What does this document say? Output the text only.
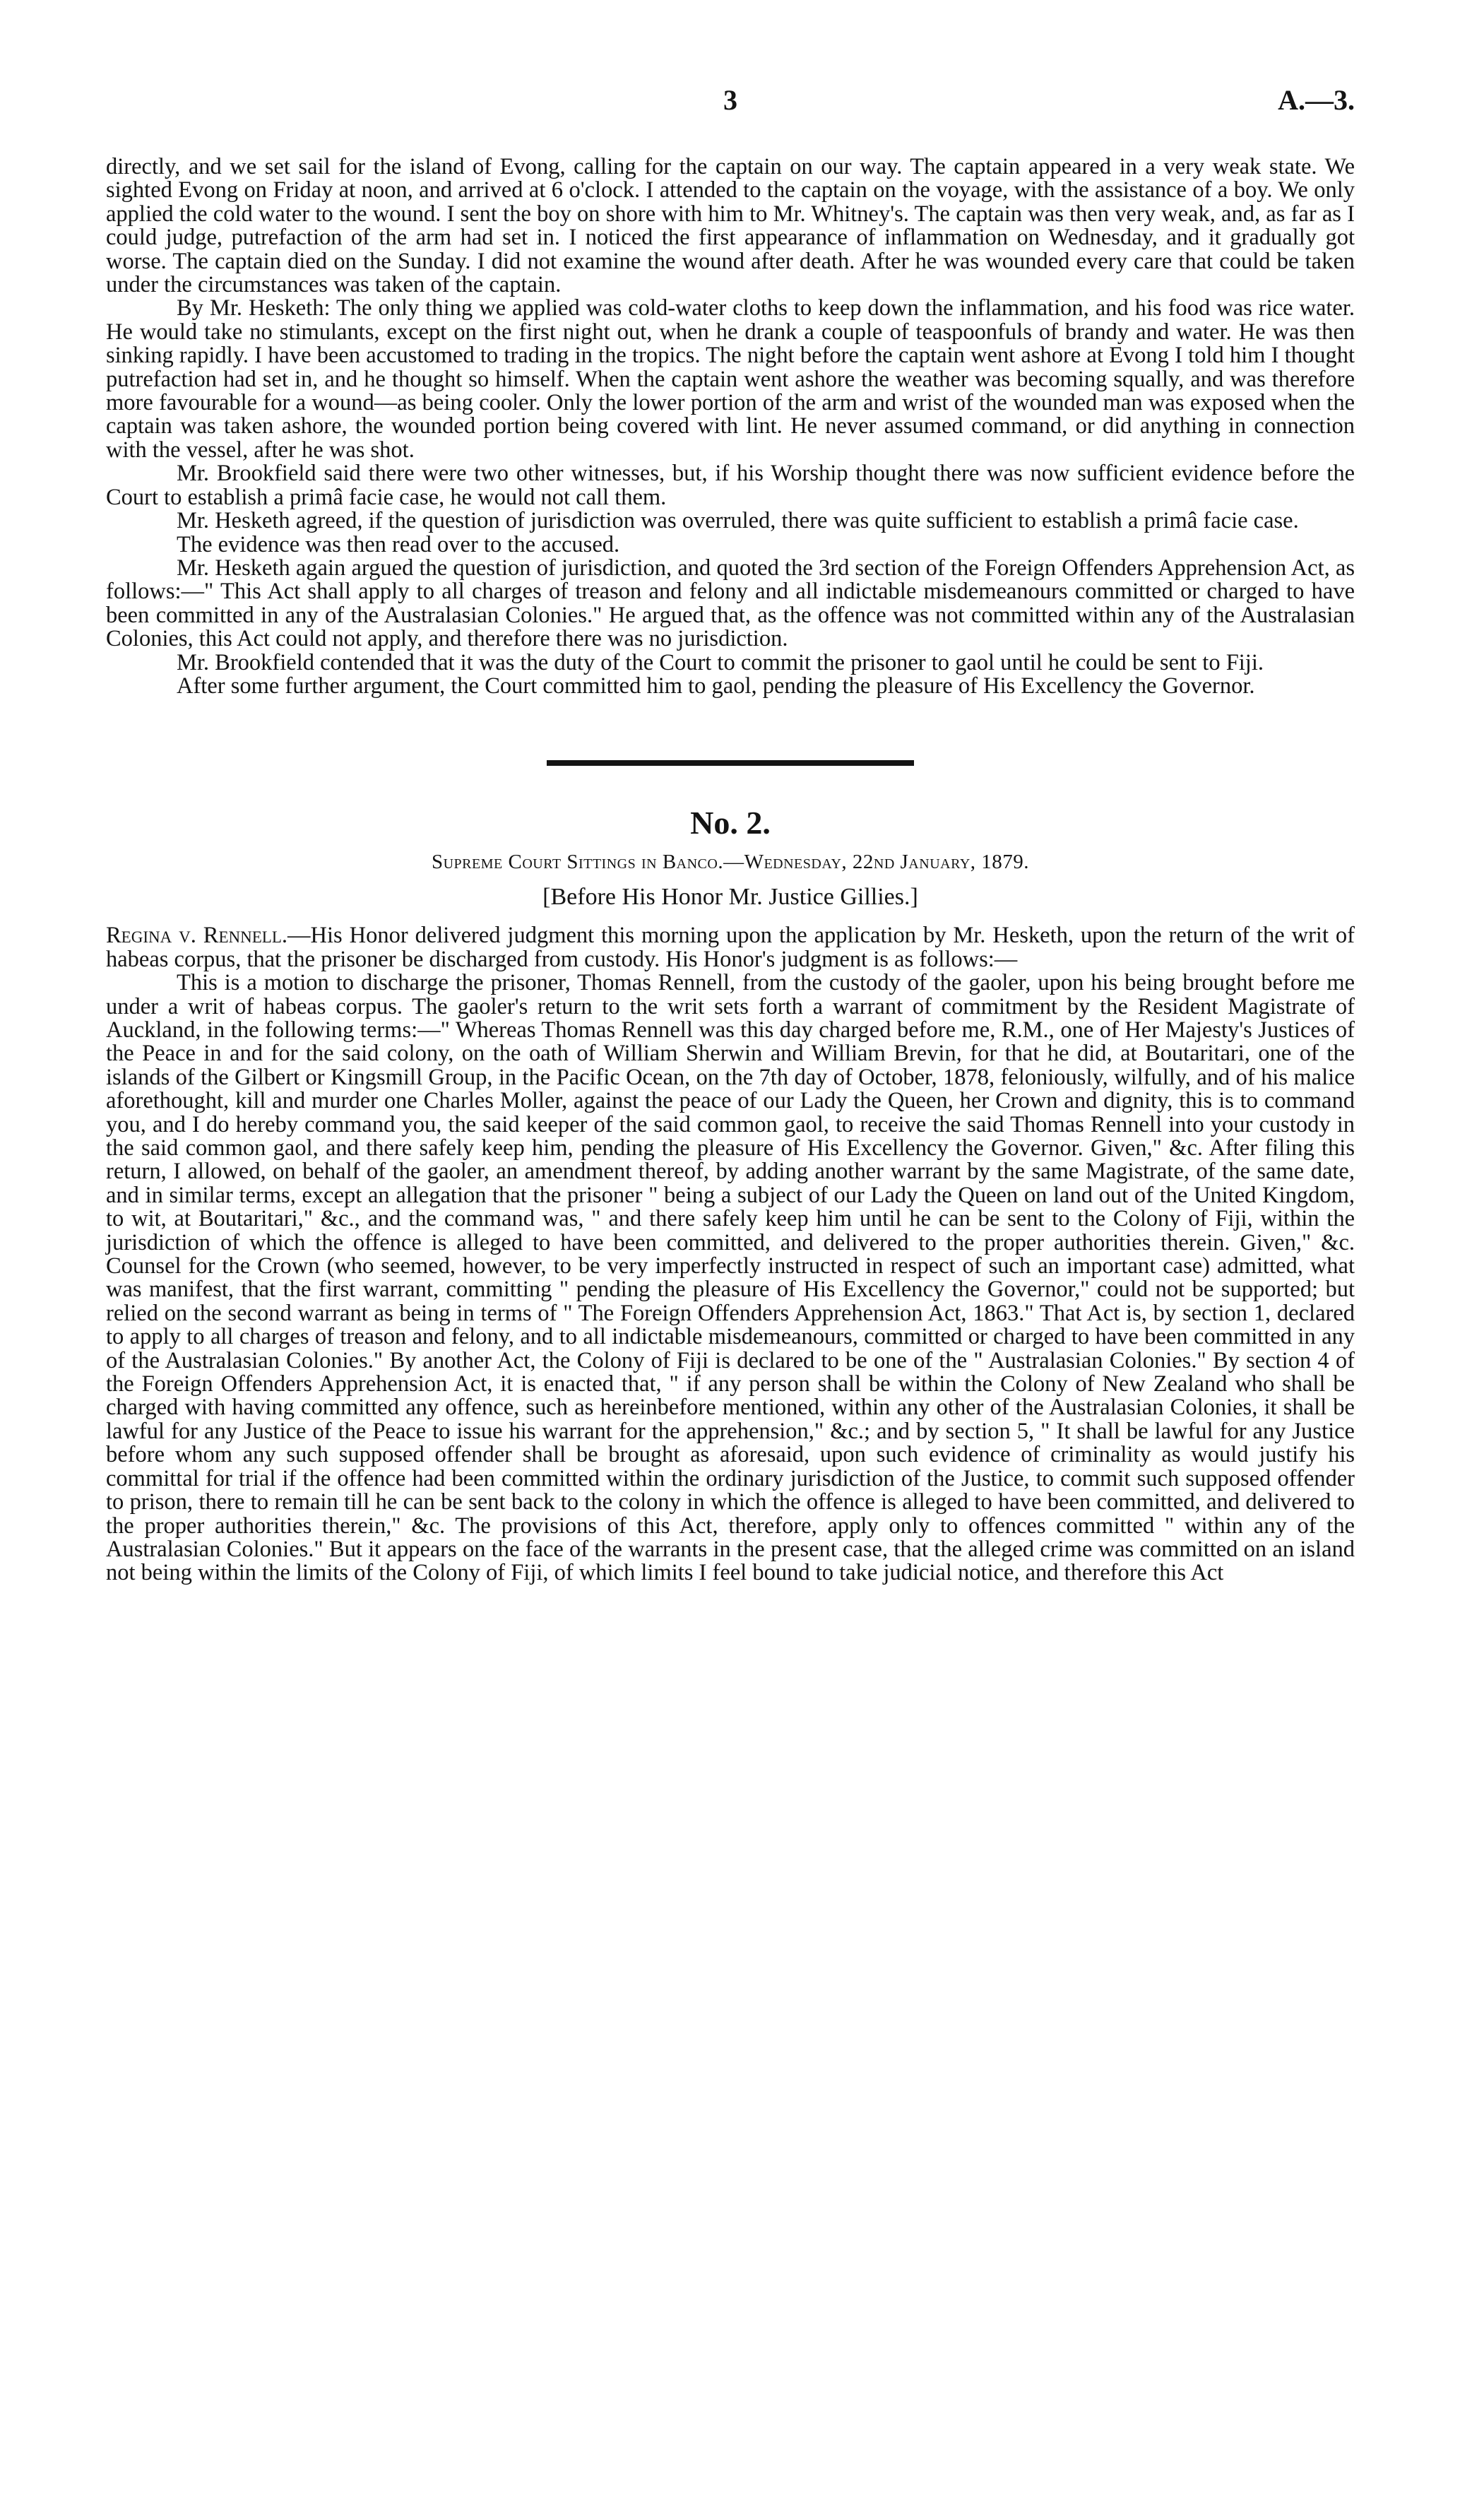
3	A.—3.

directly, and we set sail for the island of Evong, calling for the captain on our way. The captain appeared in a very weak state. We sighted Evong on Friday at noon, and arrived at 6 o'clock. I attended to the captain on the voyage, with the assistance of a boy. We only applied the cold water to the wound. I sent the boy on shore with him to Mr. Whitney's. The captain was then very weak, and, as far as I could judge, putrefaction of the arm had set in. I noticed the first appearance of inflammation on Wednesday, and it gradually got worse. The captain died on the Sunday. I did not examine the wound after death. After he was wounded every care that could be taken under the circumstances was taken of the captain.

By Mr. Hesketh: The only thing we applied was cold-water cloths to keep down the inflammation, and his food was rice water. He would take no stimulants, except on the first night out, when he drank a couple of teaspoonfuls of brandy and water. He was then sinking rapidly. I have been accustomed to trading in the tropics. The night before the captain went ashore at Evong I told him I thought putrefaction had set in, and he thought so himself. When the captain went ashore the weather was becoming squally, and was therefore more favourable for a wound—as being cooler. Only the lower portion of the arm and wrist of the wounded man was exposed when the captain was taken ashore, the wounded portion being covered with lint. He never assumed command, or did anything in connection with the vessel, after he was shot.

Mr. Brookfield said there were two other witnesses, but, if his Worship thought there was now sufficient evidence before the Court to establish a primâ facie case, he would not call them.

Mr. Hesketh agreed, if the question of jurisdiction was overruled, there was quite sufficient to establish a primâ facie case.

The evidence was then read over to the accused.

Mr. Hesketh again argued the question of jurisdiction, and quoted the 3rd section of the Foreign Offenders Apprehension Act, as follows:—" This Act shall apply to all charges of treason and felony and all indictable misdemeanours committed or charged to have been committed in any of the Australasian Colonies." He argued that, as the offence was not committed within any of the Australasian Colonies, this Act could not apply, and therefore there was no jurisdiction.

Mr. Brookfield contended that it was the duty of the Court to commit the prisoner to gaol until he could be sent to Fiji.

After some further argument, the Court committed him to gaol, pending the pleasure of His Excellency the Governor.

No. 2.
Supreme Court Sittings in Banco.—Wednesday, 22nd January, 1879.
[Before His Honor Mr. Justice Gillies.]

Regina v. Rennell.—His Honor delivered judgment this morning upon the application by Mr. Hesketh, upon the return of the writ of habeas corpus, that the prisoner be discharged from custody. His Honor's judgment is as follows:—

This is a motion to discharge the prisoner, Thomas Rennell, from the custody of the gaoler, upon his being brought before me under a writ of habeas corpus. The gaoler's return to the writ sets forth a warrant of commitment by the Resident Magistrate of Auckland, in the following terms:—" Whereas Thomas Rennell was this day charged before me, R.M., one of Her Majesty's Justices of the Peace in and for the said colony, on the oath of William Sherwin and William Brevin, for that he did, at Boutaritari, one of the islands of the Gilbert or Kingsmill Group, in the Pacific Ocean, on the 7th day of October, 1878, feloniously, wilfully, and of his malice aforethought, kill and murder one Charles Moller, against the peace of our Lady the Queen, her Crown and dignity, this is to command you, and I do hereby command you, the said keeper of the said common gaol, to receive the said Thomas Rennell into your custody in the said common gaol, and there safely keep him, pending the pleasure of His Excellency the Governor. Given," &c. After filing this return, I allowed, on behalf of the gaoler, an amendment thereof, by adding another warrant by the same Magistrate, of the same date, and in similar terms, except an allegation that the prisoner " being a subject of our Lady the Queen on land out of the United Kingdom, to wit, at Boutaritari," &c., and the command was, " and there safely keep him until he can be sent to the Colony of Fiji, within the jurisdiction of which the offence is alleged to have been committed, and delivered to the proper authorities therein. Given," &c. Counsel for the Crown (who seemed, however, to be very imperfectly instructed in respect of such an important case) admitted, what was manifest, that the first warrant, committing " pending the pleasure of His Excellency the Governor," could not be supported; but relied on the second warrant as being in terms of " The Foreign Offenders Apprehension Act, 1863." That Act is, by section 1, declared to apply to all charges of treason and felony, and to all indictable misdemeanours, committed or charged to have been committed in any of the Australasian Colonies." By another Act, the Colony of Fiji is declared to be one of the " Australasian Colonies." By section 4 of the Foreign Offenders Apprehension Act, it is enacted that, " if any person shall be within the Colony of New Zealand who shall be charged with having committed any offence, such as hereinbefore mentioned, within any other of the Australasian Colonies, it shall be lawful for any Justice of the Peace to issue his warrant for the apprehension," &c.; and by section 5, " It shall be lawful for any Justice before whom any such supposed offender shall be brought as aforesaid, upon such evidence of criminality as would justify his committal for trial if the offence had been committed within the ordinary jurisdiction of the Justice, to commit such supposed offender to prison, there to remain till he can be sent back to the colony in which the offence is alleged to have been committed, and delivered to the proper authorities therein," &c. The provisions of this Act, therefore, apply only to offences committed " within any of the Australasian Colonies." But it appears on the face of the warrants in the present case, that the alleged crime was committed on an island not being within the limits of the Colony of Fiji, of which limits I feel bound to take judicial notice, and therefore this Act
